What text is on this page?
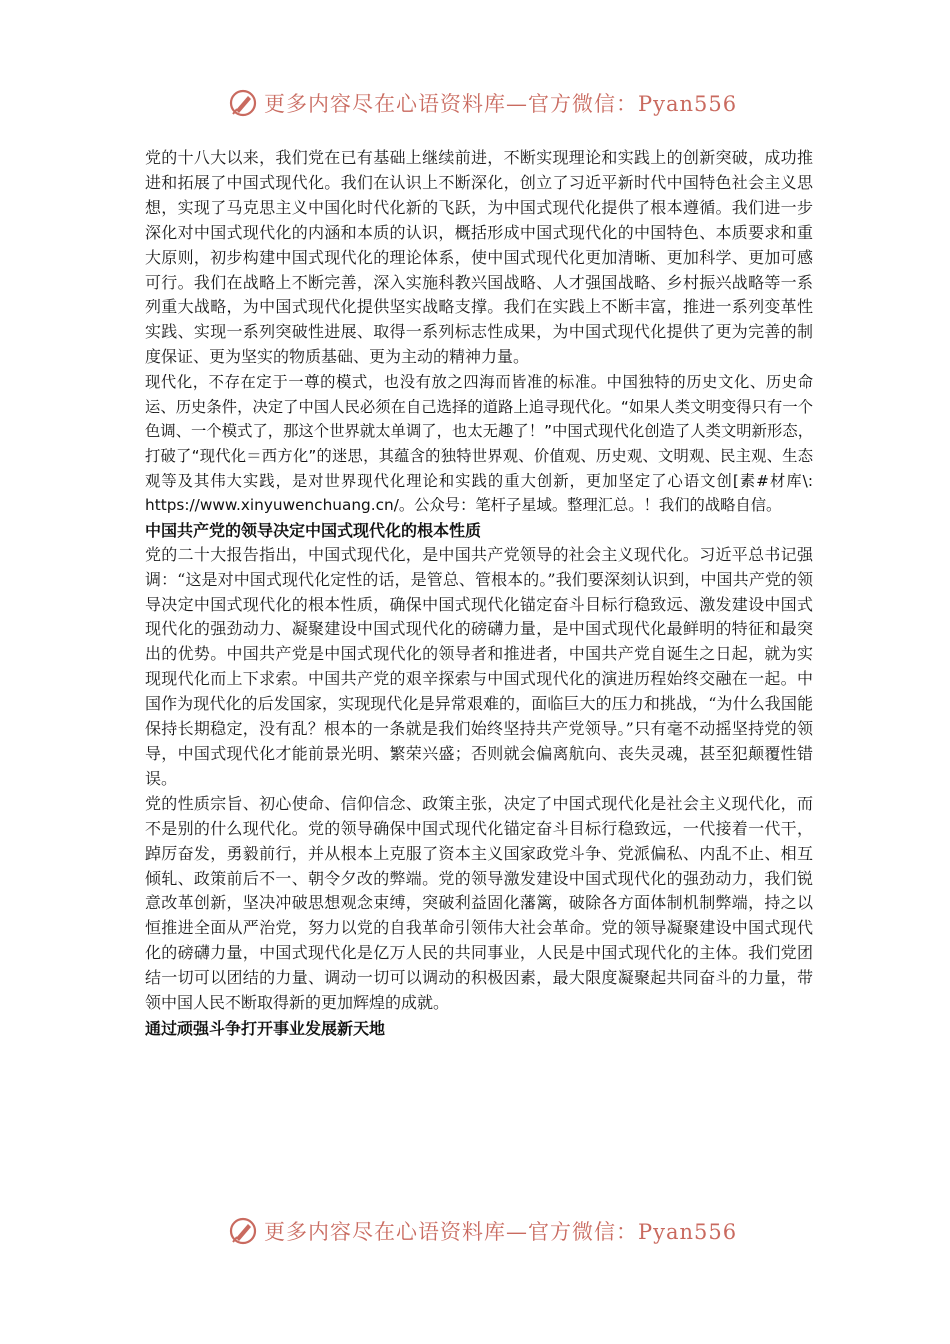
更多内容尽在心语资料库—官方微信：Pyan556

党的十八大以来，我们党在已有基础上继续前进，不断实现理论和实践上的创新突破，成功推进和拓展了中国式现代化。我们在认识上不断深化，创立了习近平新时代中国特色社会主义思想，实现了马克思主义中国化时代化新的飞跃，为中国式现代化提供了根本遵循。我们进一步深化对中国式现代化的内涵和本质的认识，概括形成中国式现代化的中国特色、本质要求和重大原则，初步构建中国式现代化的理论体系，使中国式现代化更加清晰、更加科学、更加可感可行。我们在战略上不断完善，深入实施科教兴国战略、人才强国战略、乡村振兴战略等一系列重大战略，为中国式现代化提供坚实战略支撑。我们在实践上不断丰富，推进一系列变革性实践、实现一系列突破性进展、取得一系列标志性成果，为中国式现代化提供了更为完善的制度保证、更为坚实的物质基础、更为主动的精神力量。

现代化，不存在定于一尊的模式，也没有放之四海而皆准的标准。中国独特的历史文化、历史命运、历史条件，决定了中国人民必须在自己选择的道路上追寻现代化。“如果人类文明变得只有一个色调、一个模式了，那这个世界就太单调了，也太无趣了！”中国式现代化创造了人类文明新形态，打破了“现代化＝西方化”的迷思，其蕴含的独特世界观、价值观、历史观、文明观、民主观、生态观等及其伟大实践，是对世界现代化理论和实践的重大创新，更加坚定了心语文创[素#材库\: https://www.xinyuwenchuang.cn/。公众号：笔杆子星域。整理汇总。！我们的战略自信。

中国共产党的领导决定中国式现代化的根本性质

党的二十大报告指出，中国式现代化，是中国共产党领导的社会主义现代化。习近平总书记强调：“这是对中国式现代化定性的话，是管总、管根本的。”我们要深刻认识到，中国共产党的领导决定中国式现代化的根本性质，确保中国式现代化锚定奋斗目标行稳致远、激发建设中国式现代化的强劲动力、凝聚建设中国式现代化的磅礴力量，是中国式现代化最鲜明的特征和最突出的优势。中国共产党是中国式现代化的领导者和推进者，中国共产党自诞生之日起，就为实现现代化而上下求索。中国共产党的艰辛探索与中国式现代化的演进历程始终交融在一起。中国作为现代化的后发国家，实现现代化是异常艰难的，面临巨大的压力和挑战，“为什么我国能保持长期稳定，没有乱？根本的一条就是我们始终坚持共产党领导。”只有毫不动摇坚持党的领导，中国式现代化才能前景光明、繁荣兴盛；否则就会偏离航向、丧失灵魂，甚至犯颠覆性错误。

党的性质宗旨、初心使命、信仰信念、政策主张，决定了中国式现代化是社会主义现代化，而不是别的什么现代化。党的领导确保中国式现代化锚定奋斗目标行稳致远，一代接着一代干，踔厉奋发，勇毅前行，并从根本上克服了资本主义国家政党斗争、党派偏私、内乱不止、相互倾轧、政策前后不一、朝令夕改的弊端。党的领导激发建设中国式现代化的强劲动力，我们锐意改革创新，坚决冲破思想观念束缚，突破利益固化藩篱，破除各方面体制机制弊端，持之以恒推进全面从严治党，努力以党的自我革命引领伟大社会革命。党的领导凝聚建设中国式现代化的磅礴力量，中国式现代化是亿万人民的共同事业，人民是中国式现代化的主体。我们党团结一切可以团结的力量、调动一切可以调动的积极因素，最大限度凝聚起共同奋斗的力量，带领中国人民不断取得新的更加辉煌的成就。

通过顽强斗争打开事业发展新天地

更多内容尽在心语资料库—官方微信：Pyan556
